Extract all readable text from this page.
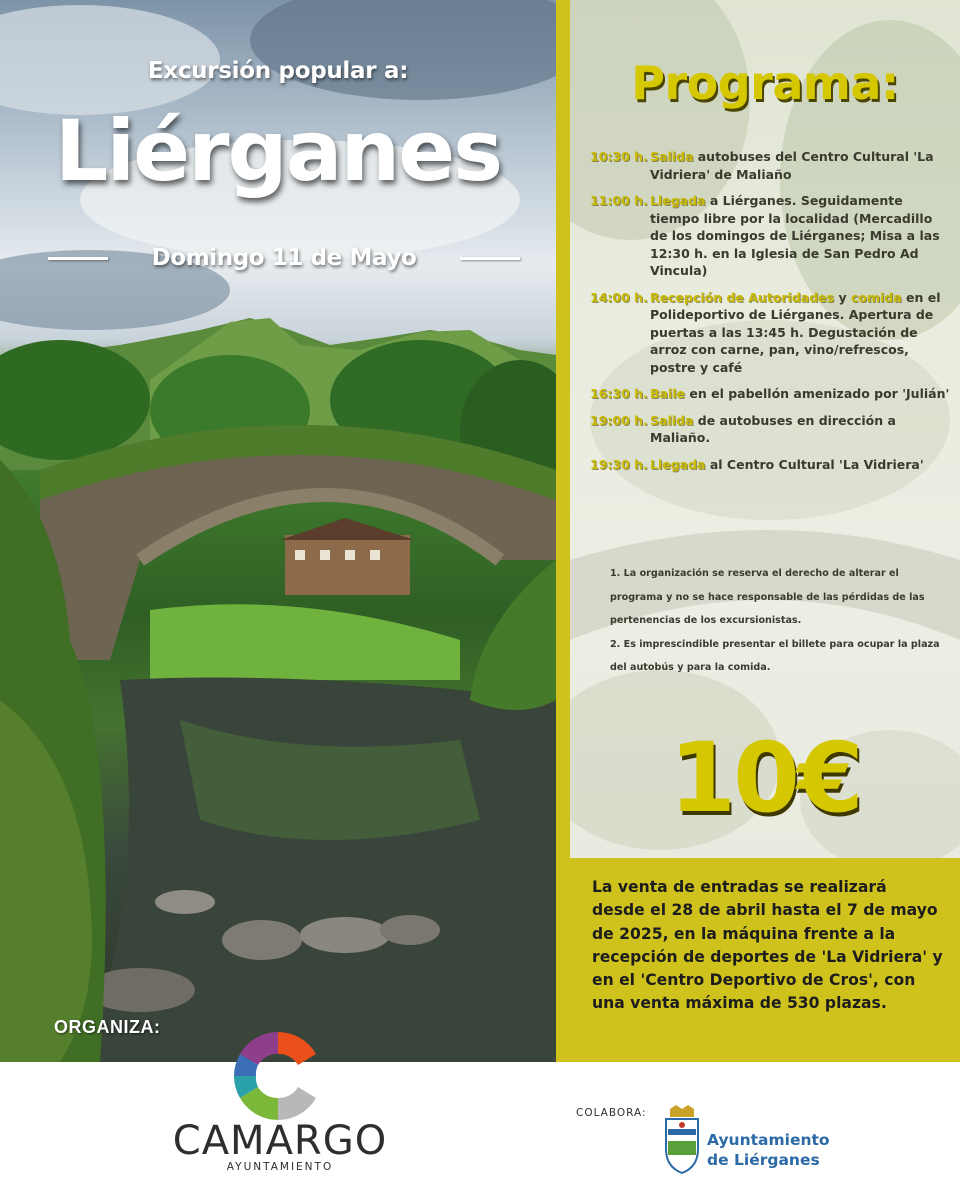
Excursión popular a:
Liérganes
Domingo 11 de Mayo
ORGANIZA:
Programa:
10:30 h. Salida autobuses del Centro Cultural 'La Vidriera' de Maliaño
11:00 h. Llegada a Liérganes. Seguidamente tiempo libre por la localidad (Mercadillo de los domingos de Liérganes; Misa a las 12:30 h. en la Iglesia de San Pedro Ad Vincula)
14:00 h. Recepción de Autoridades y comida en el Polideportivo de Liérganes. Apertura de puertas a las 13:45 h. Degustación de arroz con carne, pan, vino/refrescos, postre y café
16:30 h. Baile en el pabellón amenizado por 'Julián'
19:00 h. Salida de autobuses en dirección a Maliaño.
19:30 h. Llegada al Centro Cultural 'La Vidriera'

1. La organización se reserva el derecho de alterar el programa y no se hace responsable de las pérdidas de las pertenencias de los excursionistas.

2. Es imprescindible presentar el billete para ocupar la plaza del autobús y para la comida.

10€

La venta de entradas se realizará desde el 28 de abril hasta el 7 de mayo de 2025, en la máquina frente a la recepción de deportes de 'La Vidriera' y en el 'Centro Deportivo de Cros', con una venta máxima de 530 plazas.

CAMARGO
AYUNTAMIENTO
COLABORA:
Ayuntamiento
de Liérganes
